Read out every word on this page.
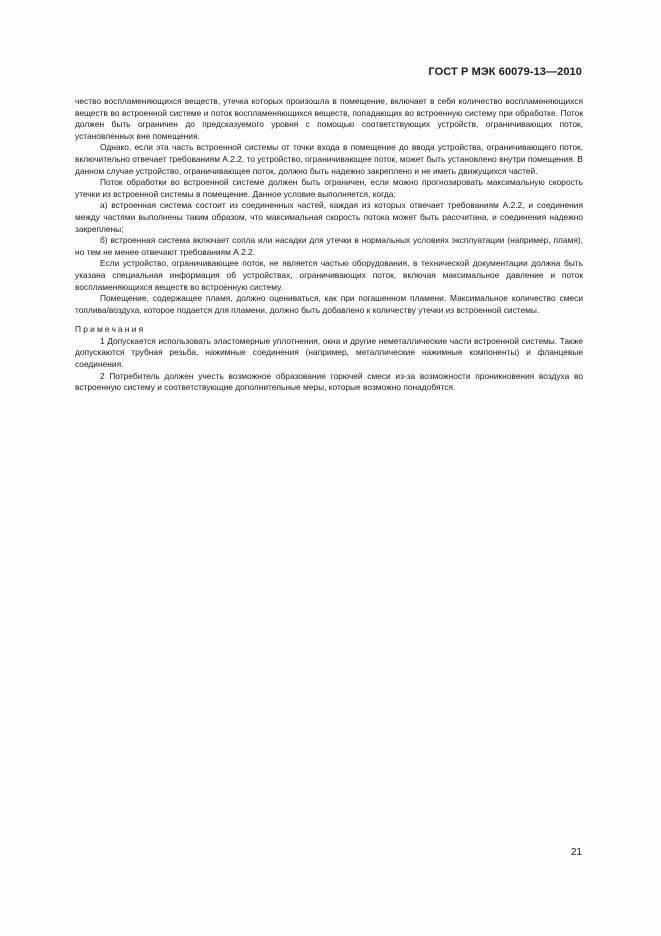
ГОСТ Р МЭК 60079-13—2010

чество воспламеняющихся веществ, утечка которых произошла в помещение, включает в себя количество воспламеняющихся веществ во встроенной системе и поток воспламеняющихся веществ, попадающих во встроенную систему при обработке. Поток должен быть ограничен до предсказуемого уровня с помощью соответствующих устройств, ограничивающих поток, установленных вне помещения.

Однако, если эта часть встроенной системы от точки входа в помещение до ввода устройства, ограничивающего поток, включительно отвечает требованиям А.2.2, то устройство, ограничивающее поток, может быть установлено внутри помещения. В данном случае устройство, ограничивающее поток, должно быть надежно закреплено и не иметь движущихся частей.

Поток обработки во встроенной системе должен быть ограничен, если можно прогнозировать максимальную скорость утечки из встроенной системы в помещение. Данное условие выполняется, когда:

а) встроенная система состоит из соединенных частей, каждая из которых отвечает требованиям А.2.2, и соединения между частями выполнены таким образом, что максимальная скорость потока может быть рассчитана, и соединения надежно закреплены;

б) встроенная система включает сопла или насадки для утечки в нормальных условиях эксплуатации (например, пламя), но тем не менее отвечают требованиям А.2.2.

Если устройство, ограничивающее поток, не является частью оборудования, в технической документации должна быть указана специальная информация об устройствах, ограничивающих поток, включая максимальное давление и поток воспламеняющихся веществ во встроенную систему.

Помещение, содержащее пламя, должно оцениваться, как при погашенном пламени. Максимальное количество смеси топлива/воздуха, которое подается для пламени, должно быть добавлено к количеству утечки из встроенной системы.

Примечания

1 Допускается использовать эластомерные уплотнения, окна и другие неметаллические части встроенной системы. Также допускаются трубная резьба, нажимные соединения (например, металлические нажимные компоненты) и фланцевые соединения.

2 Потребитель должен учесть возможное образование горючей смеси из-за возможности проникновения воздуха во встроенную систему и соответствующие дополнительные меры, которые возможно понадобятся.

21
